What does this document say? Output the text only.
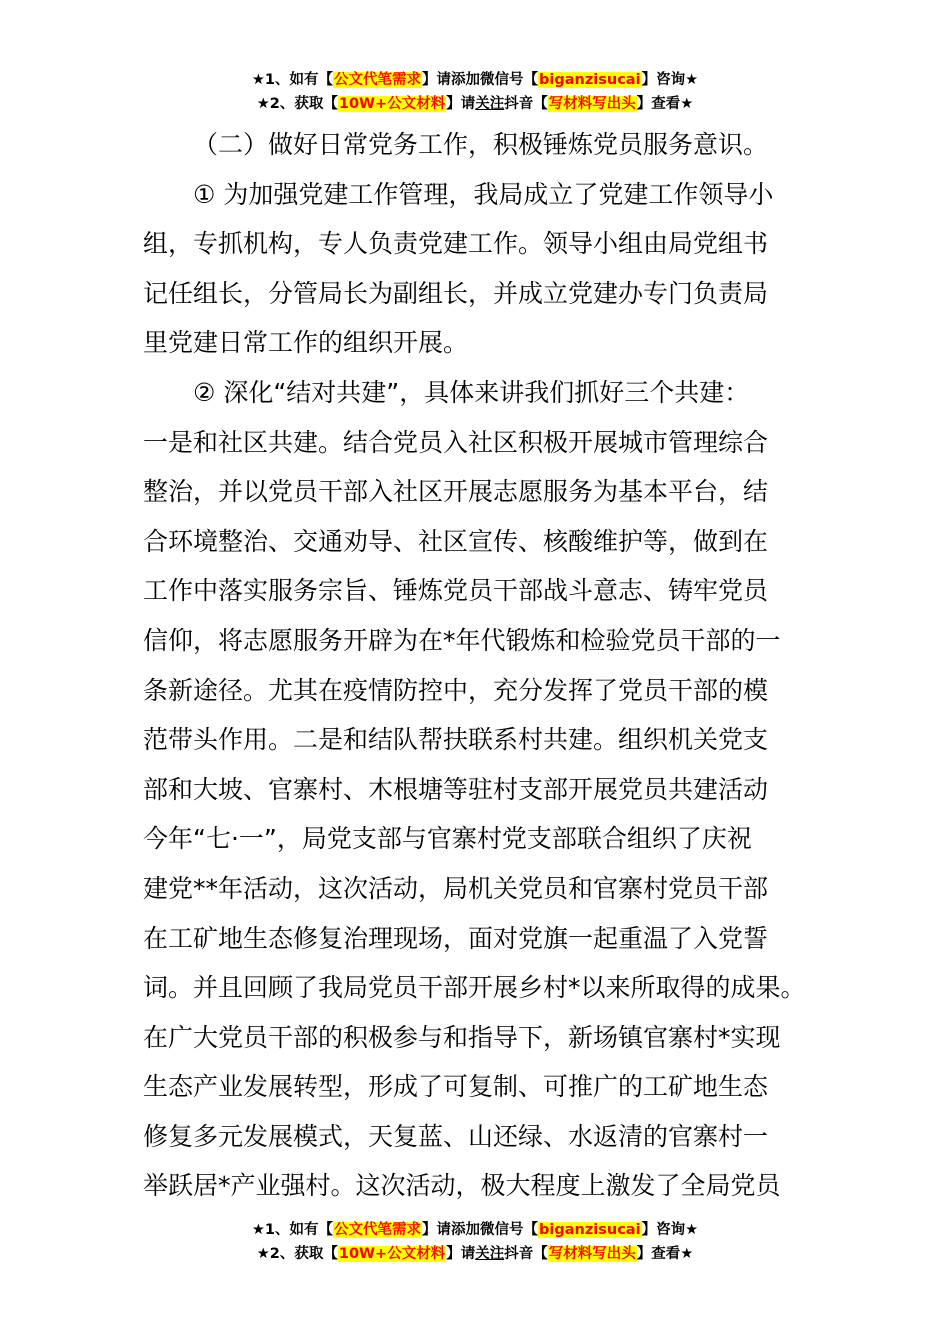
★1、如有【公文代笔需求】请添加微信号【biganzisucai】咨询★
★2、获取【10W+公文材料】请关注抖音【写材料写出头】查看★
（二）做好日常党务工作，积极锤炼党员服务意识。
① 为加强党建工作管理，我局成立了党建工作领导小
组，专抓机构，专人负责党建工作。领导小组由局党组书
记任组长，分管局长为副组长，并成立党建办专门负责局
里党建日常工作的组织开展。
② 深化“结对共建”，具体来讲我们抓好三个共建：
一是和社区共建。结合党员入社区积极开展城市管理综合
整治，并以党员干部入社区开展志愿服务为基本平台，结
合环境整治、交通劝导、社区宣传、核酸维护等，做到在
工作中落实服务宗旨、锤炼党员干部战斗意志、铸牢党员
信仰，将志愿服务开辟为在*年代锻炼和检验党员干部的一
条新途径。尤其在疫情防控中，充分发挥了党员干部的模
范带头作用。二是和结队帮扶联系村共建。组织机关党支
部和大坡、官寨村、木根塘等驻村支部开展党员共建活动
今年“七·一”，局党支部与官寨村党支部联合组织了庆祝
建党**年活动，这次活动，局机关党员和官寨村党员干部
在工矿地生态修复治理现场，面对党旗一起重温了入党誓
词。并且回顾了我局党员干部开展乡村*以来所取得的成果。
在广大党员干部的积极参与和指导下，新场镇官寨村*实现
生态产业发展转型，形成了可复制、可推广的工矿地生态
修复多元发展模式，天复蓝、山还绿、水返清的官寨村一
举跃居*产业强村。这次活动，极大程度上激发了全局党员
★1、如有【公文代笔需求】请添加微信号【biganzisucai】咨询★
★2、获取【10W+公文材料】请关注抖音【写材料写出头】查看★
